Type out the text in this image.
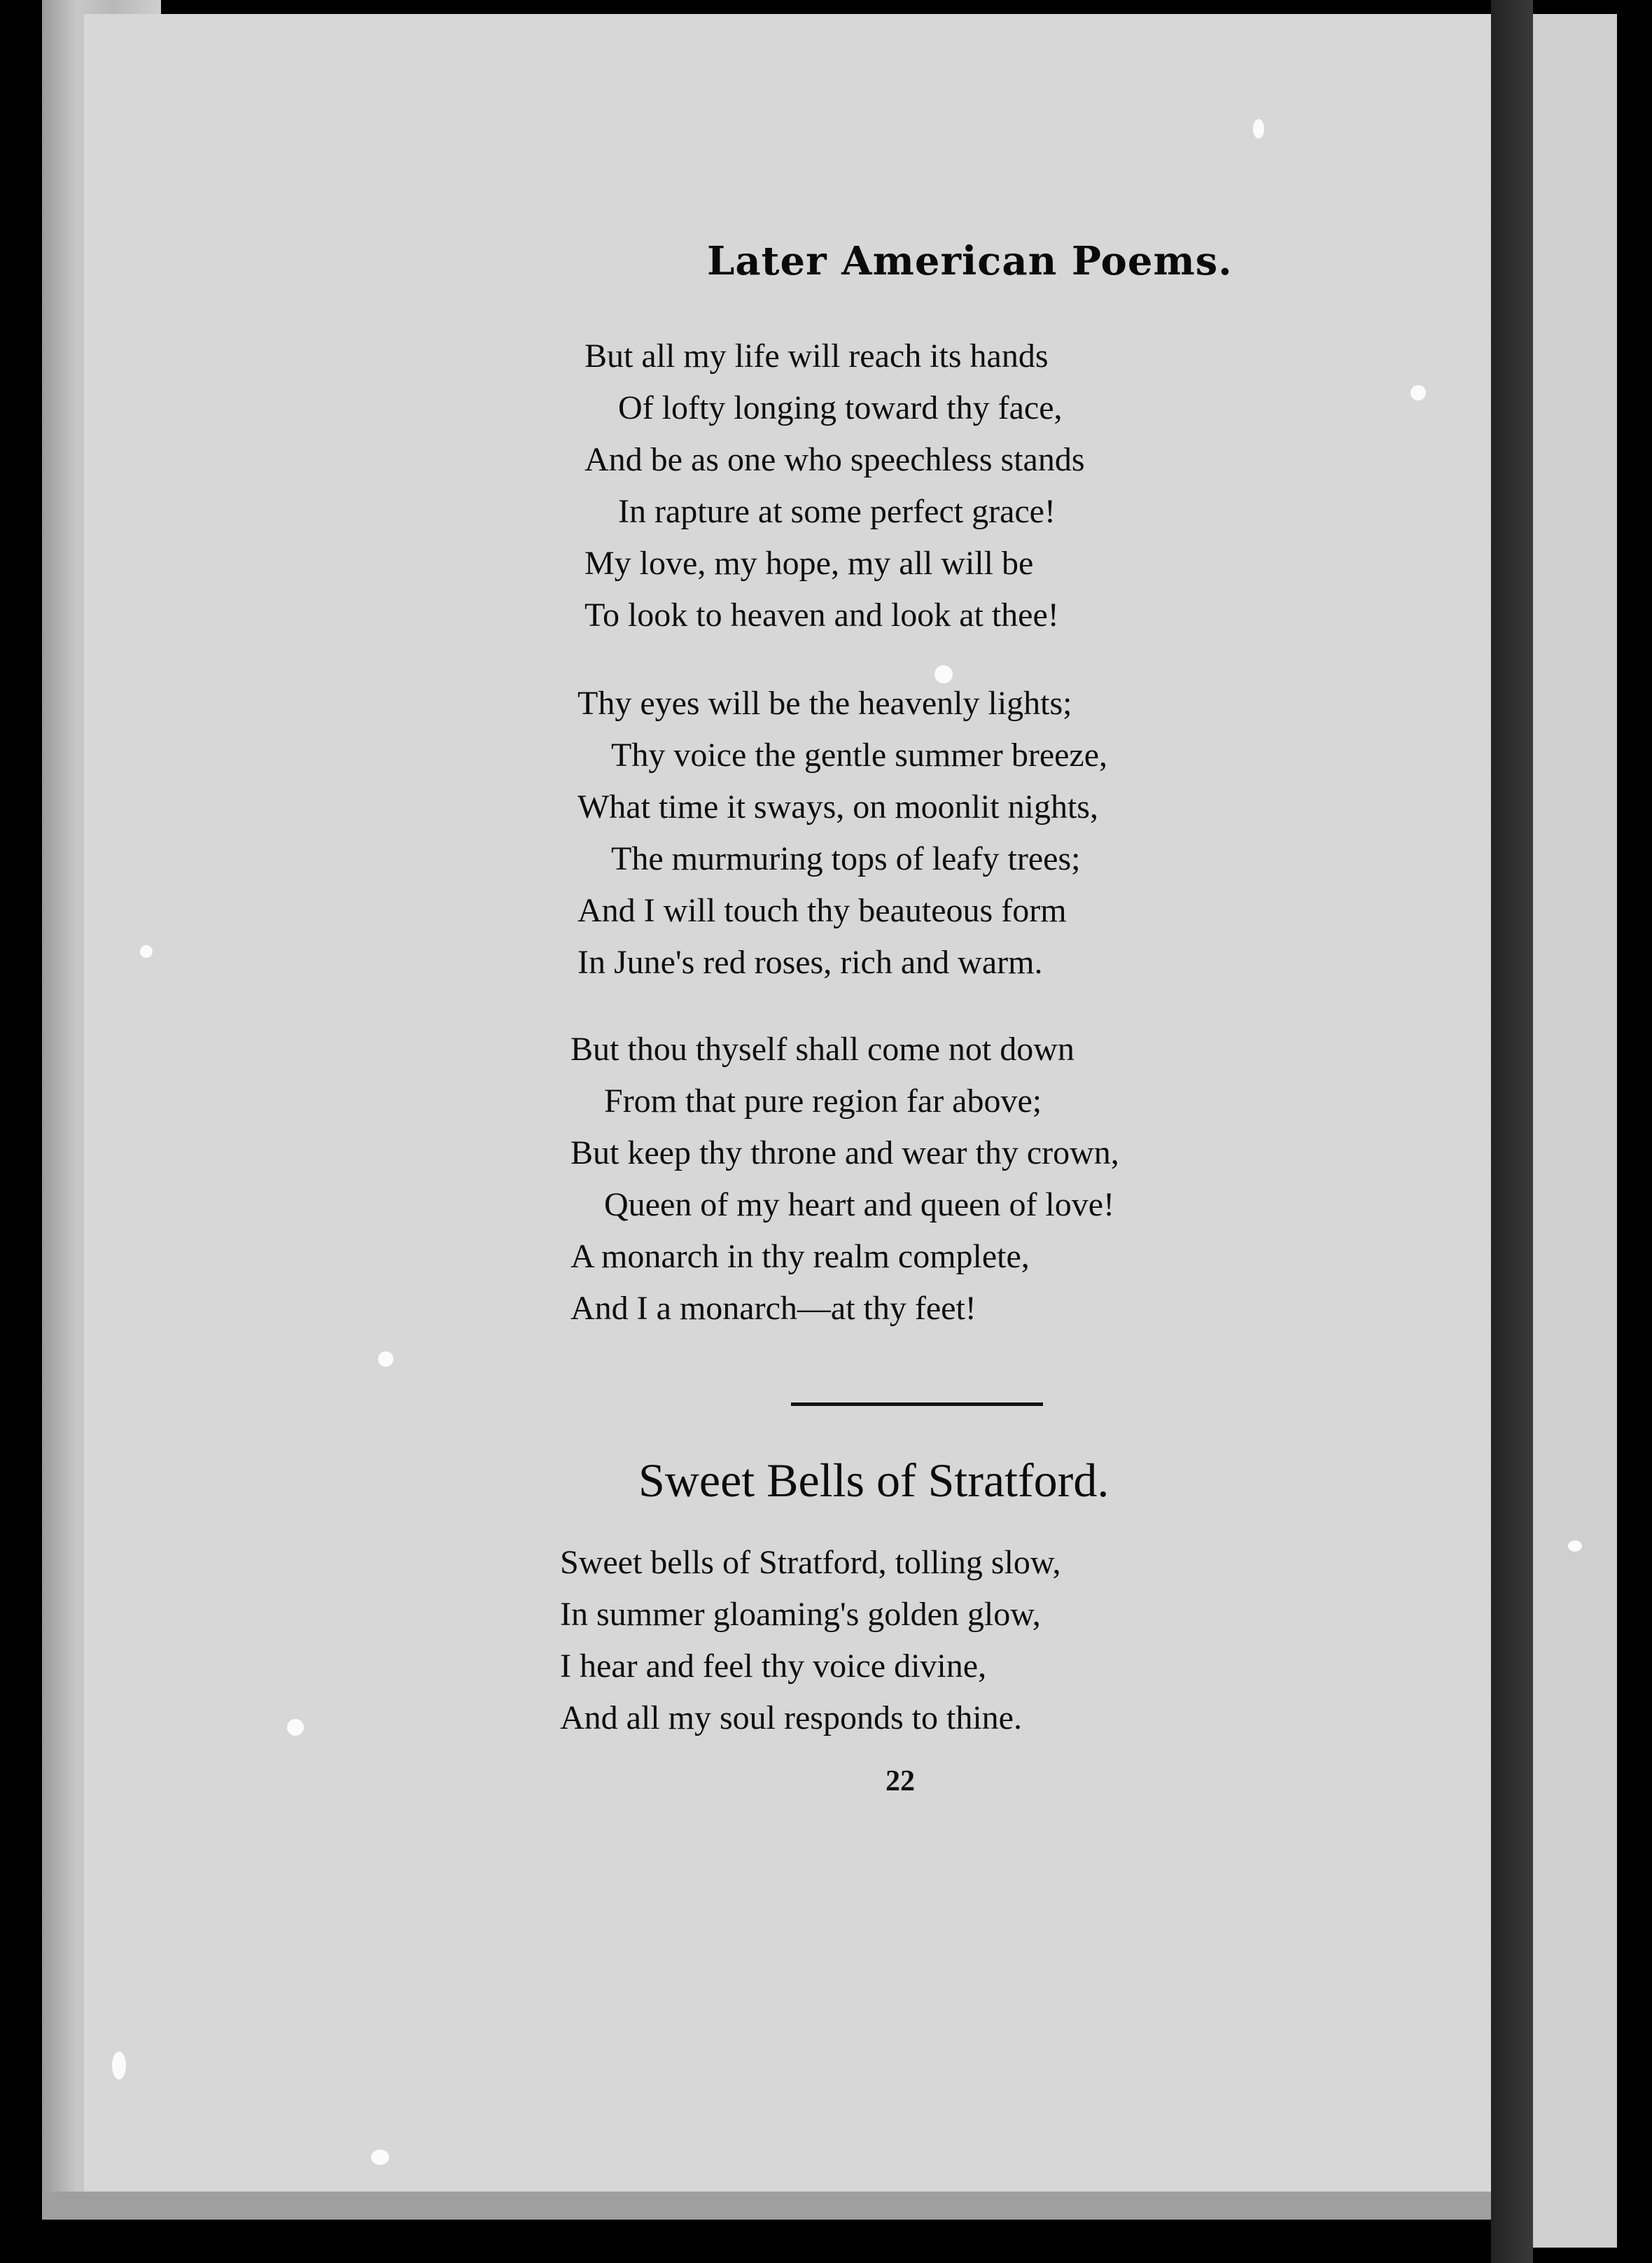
Later American Poems.
But all my life will reach its hands
Of lofty longing toward thy face,
And be as one who speechless stands
In rapture at some perfect grace!
My love, my hope, my all will be
To look to heaven and look at thee!
Thy eyes will be the heavenly lights;
Thy voice the gentle summer breeze,
What time it sways, on moonlit nights,
The murmuring tops of leafy trees;
And I will touch thy beauteous form
In June's red roses, rich and warm.
But thou thyself shall come not down
From that pure region far above;
But keep thy throne and wear thy crown,
Queen of my heart and queen of love!
A monarch in thy realm complete,
And I a monarch—at thy feet!
Sweet Bells of Stratford.
Sweet bells of Stratford, tolling slow,
In summer gloaming's golden glow,
I hear and feel thy voice divine,
And all my soul responds to thine.
22
